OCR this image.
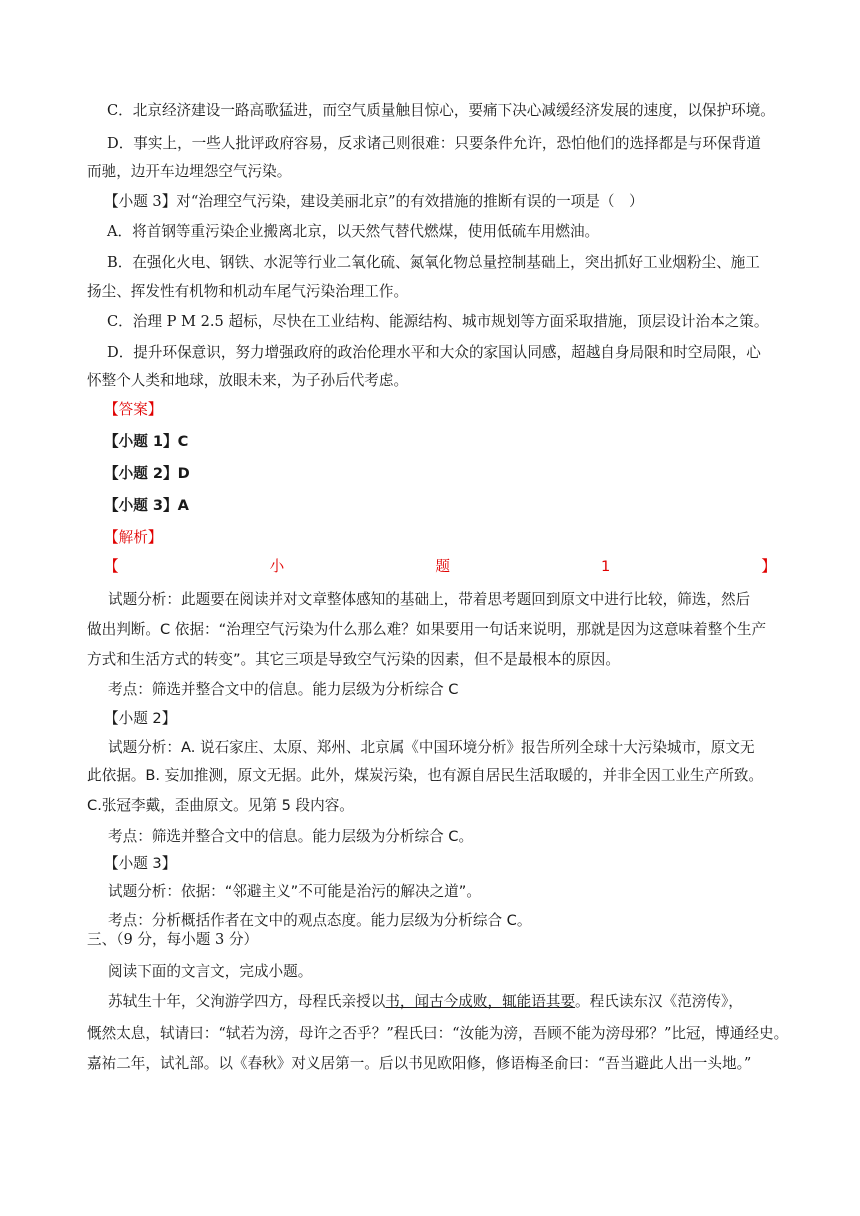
C．北京经济建设一路高歌猛进，而空气质量触目惊心，要痛下决心减缓经济发展的速度，以保护环境。

D．事实上，一些人批评政府容易，反求诸己则很难：只要条件允许，恐怕他们的选择都是与环保背道

而驰，边开车边埋怨空气污染。

【小题 3】对“治理空气污染，建设美丽北京”的有效措施的推断有误的一项是（　）

A．将首钢等重污染企业搬离北京，以天然气替代燃煤，使用低硫车用燃油。

B．在强化火电、钢铁、水泥等行业二氧化硫、氮氧化物总量控制基础上，突出抓好工业烟粉尘、施工

扬尘、挥发性有机物和机动车尾气污染治理工作。

C．治理 P M 2.5 超标，尽快在工业结构、能源结构、城市规划等方面采取措施，顶层设计治本之策。

D．提升环保意识，努力增强政府的政治伦理水平和大众的家国认同感，超越自身局限和时空局限，心

怀整个人类和地球，放眼未来，为子孙后代考虑。

【答案】

【小题 1】C

【小题 2】D

【小题 3】A

【解析】

【	小	题	1	】

试题分析：此题要在阅读并对文章整体感知的基础上，带着思考题回到原文中进行比较，筛选，然后

做出判断。C 依据：“治理空气污染为什么那么难？如果要用一句话来说明，那就是因为这意味着整个生产

方式和生活方式的转变”。其它三项是导致空气污染的因素，但不是最根本的原因。

考点：筛选并整合文中的信息。能力层级为分析综合 C

【小题 2】

试题分析：A. 说石家庄、太原、郑州、北京属《中国环境分析》报告所列全球十大污染城市，原文无

此依据。B. 妄加推测，原文无据。此外，煤炭污染，也有源自居民生活取暖的，并非全因工业生产所致。

C.张冠李戴，歪曲原文。见第 5 段内容。

考点：筛选并整合文中的信息。能力层级为分析综合 C。

【小题 3】

试题分析：依据：“邻避主义”不可能是治污的解决之道”。

考点：分析概括作者在文中的观点态度。能力层级为分析综合 C。

三、（9 分，每小题 3 分）

阅读下面的文言文，完成小题。

苏轼生十年，父洵游学四方，母程氏亲授以书，闻古今成败，辄能语其要。程氏读东汉《范滂传》，

慨然太息，轼请曰：“轼若为滂，母许之否乎？”程氏曰：“汝能为滂，吾顾不能为滂母邪？”比冠，博通经史。

嘉祐二年，试礼部。以《春秋》对义居第一。后以书见欧阳修，修语梅圣俞曰：“吾当避此人出一头地。”
